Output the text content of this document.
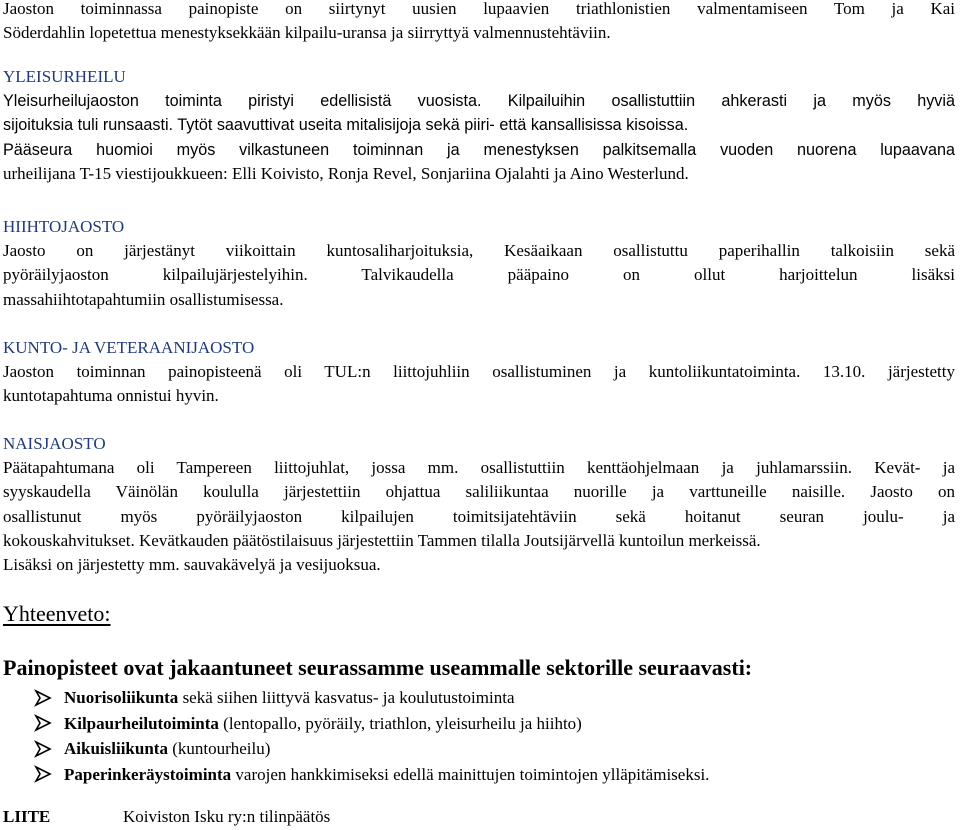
Jaoston toiminnassa painopiste on siirtynyt uusien lupaavien triathlonistien valmentamiseen Tom ja Kai
Söderdahlin lopetettua menestyksekkään kilpailu-uransa ja siirryttyä valmennustehtäviin.
YLEISURHEILU
Yleisurheilujaoston toiminta piristyi edellisistä vuosista. Kilpailuihin osallistuttiin ahkerasti ja myös hyviä
sijoituksia tuli runsaasti. Tytöt saavuttivat useita mitalisijoja sekä piiri- että kansallisissa kisoissa.
Pääseura huomioi myös vilkastuneen toiminnan ja menestyksen palkitsemalla vuoden nuorena lupaavana
urheilijana T-15 viestijoukkueen: Elli Koivisto, Ronja Revel, Sonjariina Ojalahti ja Aino Westerlund.
HIIHTOJAOSTO
Jaosto on järjestänyt viikoittain kuntosaliharjoituksia, Kesäaikaan osallistuttu paperihallin talkoisiin sekä
pyöräilyjaoston kilpailujärjestelyihin. Talvikaudella pääpaino on ollut harjoittelun lisäksi
massahiihtotapahtumiin osallistumisessa.
KUNTO- JA VETERAANIJAOSTO
Jaoston toiminnan painopisteenä oli TUL:n liittojuhliin osallistuminen ja kuntoliikuntatoiminta. 13.10. järjestetty
kuntotapahtuma onnistui hyvin.
NAISJAOSTO
Päätapahtumana oli Tampereen liittojuhlat, jossa mm. osallistuttiin kenttäohjelmaan ja juhlamarssiin. Kevät- ja
syyskaudella Väinölän koululla järjestettiin ohjattua saliliikuntaa nuorille ja varttuneille naisille. Jaosto on
osallistunut myös pyöräilyjaoston kilpailujen toimitsijatehtäviin sekä hoitanut seuran joulu- ja
kokouskahvitukset. Kevätkauden päätöstilaisuus järjestettiin Tammen tilalla Joutsijärvellä kuntoilun merkeissä.
Lisäksi on järjestetty mm. sauvakävelyä ja vesijuoksua.
Yhteenveto:
Painopisteet ovat jakaantuneet seurassamme useammalle sektorille seuraavasti:
Nuorisoliikunta sekä siihen liittyvä kasvatus- ja koulutustoiminta
Kilpaurheilutoiminta (lentopallo, pyöräily, triathlon, yleisurheilu ja hiihto)
Aikuisliikunta (kuntourheilu)
Paperinkeräystoiminta varojen hankkimiseksi edellä mainittujen toimintojen ylläpitämiseksi.
LIITE	Koiviston Isku ry:n tilinpäätös
